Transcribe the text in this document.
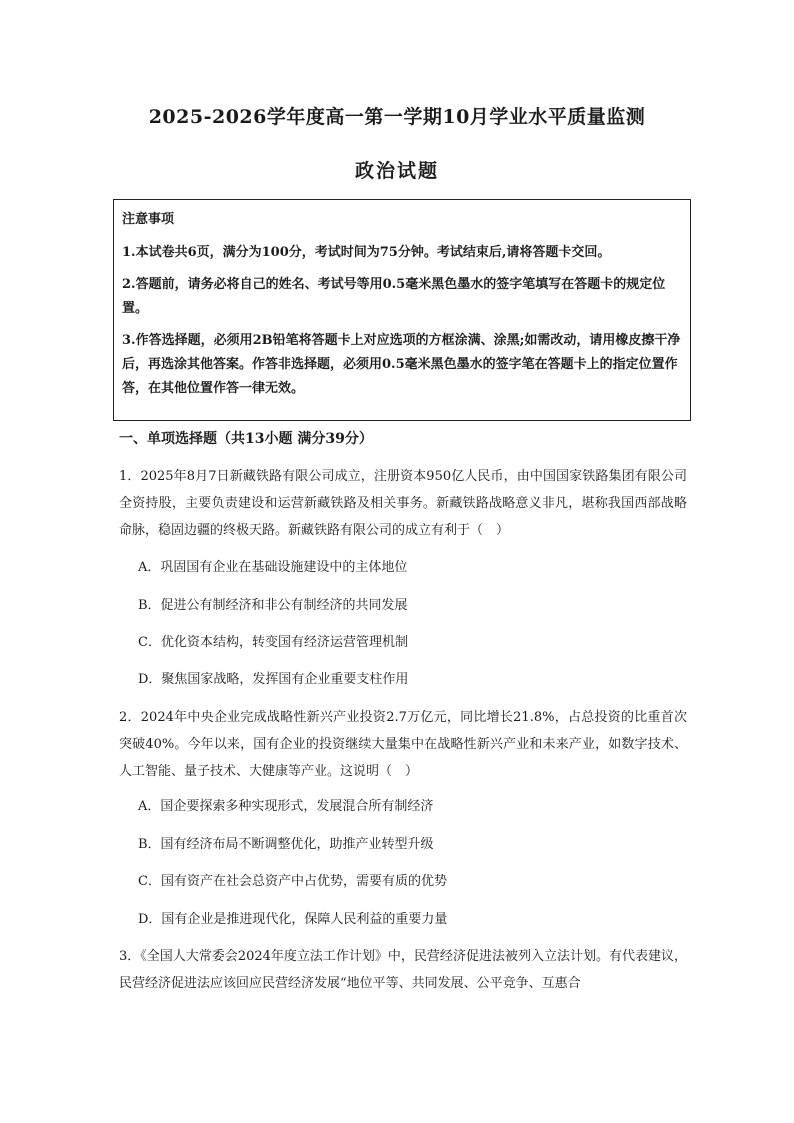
2025-2026学年度高一第一学期10月学业水平质量监测
政治试题

注意事项

1.本试卷共6页，满分为100分，考试时间为75分钟。考试结束后,请将答题卡交回。

2.答题前，请务必将自己的姓名、考试号等用0.5毫米黑色墨水的签字笔填写在答题卡的规定位置。

3.作答选择题，必须用2B铅笔将答题卡上对应选项的方框涂满、涂黑;如需改动，请用橡皮擦干净后，再选涂其他答案。作答非选择题，必须用0.5毫米黑色墨水的签字笔在答题卡上的指定位置作答，在其他位置作答一律无效。

一、单项选择题（共13小题 满分39分）
1．2025年8月7日新藏铁路有限公司成立，注册资本950亿人民币，由中国国家铁路集团有限公司全资持股，主要负责建设和运营新藏铁路及相关事务。新藏铁路战略意义非凡，堪称我国西部战略命脉，稳固边疆的终极天路。新藏铁路有限公司的成立有利于（　）
A．巩固国有企业在基础设施建设中的主体地位
B．促进公有制经济和非公有制经济的共同发展
C．优化资本结构，转变国有经济运营管理机制
D．聚焦国家战略，发挥国有企业重要支柱作用
2．2024年中央企业完成战略性新兴产业投资2.7万亿元，同比增长21.8%，占总投资的比重首次突破40%。今年以来，国有企业的投资继续大量集中在战略性新兴产业和未来产业，如数字技术、人工智能、量子技术、大健康等产业。这说明（　）
A．国企要探索多种实现形式，发展混合所有制经济
B．国有经济布局不断调整优化，助推产业转型升级
C．国有资产在社会总资产中占优势，需要有质的优势
D．国有企业是推进现代化，保障人民利益的重要力量
3．《全国人大常委会2024年度立法工作计划》中，民营经济促进法被列入立法计划。有代表建议，民营经济促进法应该回应民营经济发展“地位平等、共同发展、公平竞争、互惠合
